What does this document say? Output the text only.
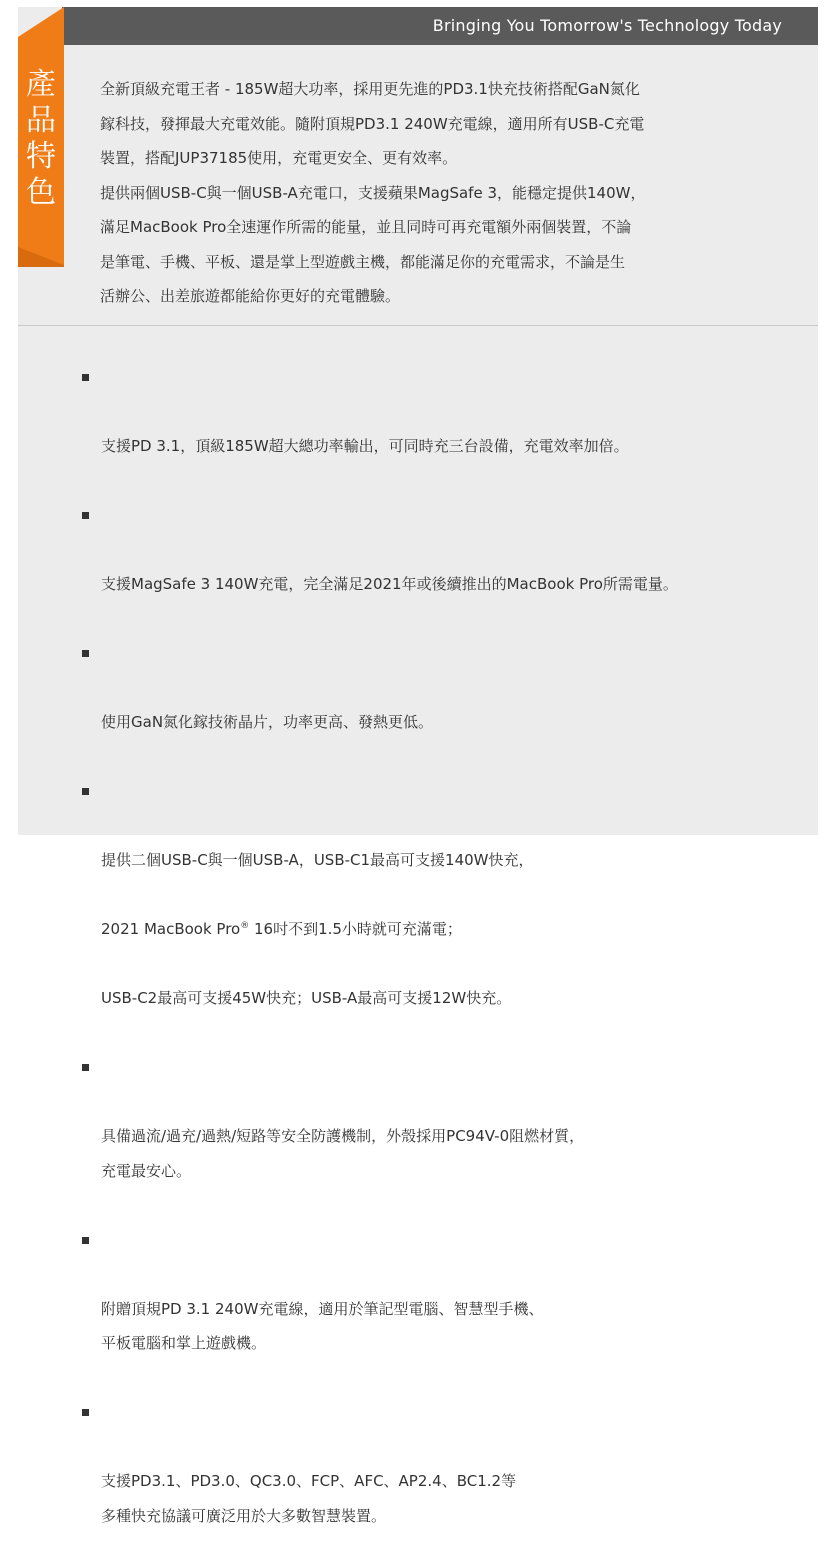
Bringing You Tomorrow's Technology Today
產
品
特
色

全新頂級充電王者 - 185W超大功率，採用更先進的PD3.1快充技術搭配GaN氮化
鎵科技，發揮最大充電效能。隨附頂規PD3.1 240W充電線，適用所有USB-C充電
裝置，搭配JUP37185使用，充電更安全、更有效率。

提供兩個USB-C與一個USB-A充電口，支援蘋果MagSafe 3，能穩定提供140W，
滿足MacBook Pro全速運作所需的能量，並且同時可再充電額外兩個裝置，不論
是筆電、手機、平板、還是掌上型遊戲主機，都能滿足你的充電需求，不論是生
活辦公、出差旅遊都能給你更好的充電體驗。

支援PD 3.1，頂級185W超大總功率輸出，可同時充三台設備，充電效率加倍。

支援MagSafe 3 140W充電，完全滿足2021年或後續推出的MacBook Pro所需電量。

使用GaN氮化鎵技術晶片，功率更高、發熱更低。

提供二個USB-C與一個USB-A，USB-C1最高可支援140W快充，

2021 MacBook Pro® 16吋不到1.5小時就可充滿電；

USB-C2最高可支援45W快充；USB-A最高可支援12W快充。

具備過流/過充/過熱/短路等安全防護機制，外殼採用PC94V-0阻燃材質，
充電最安心。

附贈頂規PD 3.1 240W充電線，適用於筆記型電腦、智慧型手機、
平板電腦和掌上遊戲機。

支援PD3.1、PD3.0、QC3.0、FCP、AFC、AP2.4、BC1.2等
多種快充協議可廣泛用於大多數智慧裝置。
